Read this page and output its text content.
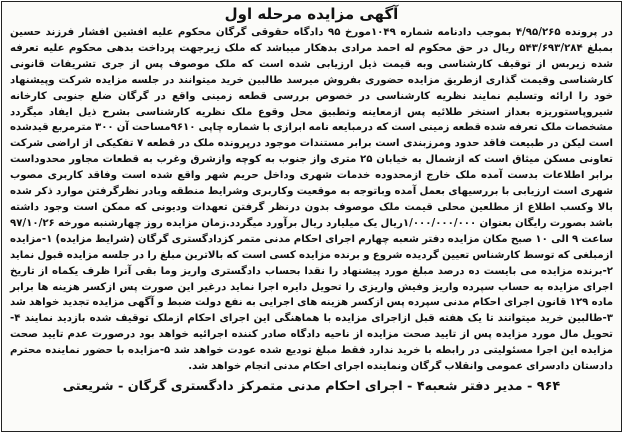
آگهی مزایده مرحله اول

در پرونده ۴/۹۵/۲۶۵ بموجب دادنامه شماره ۱۰۴۹مورخ ۹۵ دادگاه حقوقی گرگان محکوم علیه افشین افشار فرزند حسین بمبلغ ۵۴۳/۶۹۳/۲۸۴ ریال در حق محکوم له احمد مرادی بدهکار میباشد که ملک زیرجهت پرداخت بدهی محکوم علیه تعرفه شده زیربس از توقیف کارشناسی وبه قیمت ذیل ارزیابی شده است که ملک موصوف پس از جری تشریفات قانونی کارشناسی وقیمت گذاری ازطریق مزایده حضوری بفروش میرسد طالبین خرید میتوانند در جلسه مزایده شرکت وپیشنهاد خود را ارائه وتسلیم نمایند نظریه کارشناسی در خصوص بررسی قطعه زمینی واقع در گرگان ضلع جنوبی کارخانه شیروپاستوریزه بعداز استخر طلائیه پس ازمعاینه وتطبیق محل وقوع ملک نظریه کارشناسی بشرح ذیل ایفاد میگردد مشخصات ملک تعرفه شده قطعه زمینی است که درمبایعه نامه ابرازی با شماره چاپی ۹۶۱۰مساحت آن ۳۰۰ مترمربع قیدشده است لیکن در طبیعت فاقد حدود ومرزبندی است برابر مستندات موجود درپرونده ملک در قطعه ۷ تفکیکی از اراضی شرکت تعاونی مسکن میثاق است که ازشمال به خیابان ۲۵ متری واز جنوب به کوچه وازشرق وغرب به قطعات مجاور محدوداست برابر اطلاعات بدست آمده ملک خارج ازمحدوده خدمات شهری وداخل حریم شهر واقع شده است وفاقد کاربری مصوب شهری است ارزیابی با بررسیهای بعمل آمده وباتوجه به موقعیت وکاربری وشرایط منطقه وبادر نظرگرفتن موارد ذکر شده بالا وکسب اطلاع از مطلعین محلی قیمت ملک موصوف بدون درنظر گرفتن تعهدات ودیونی که ممکن است وجود داشته باشد بصورت رایگان بعنوان ۱/۰۰۰/۰۰۰/۰۰۰ریال یک میلیارد ریال برآورد میگردد.زمان مزایده روز چهارشنبه مورخه ۹۷/۱۰/۲۶ ساعت ۹ الی ۱۰ صبح مکان مزایده دفتر شعبه چهارم اجرای احکام مدنی متمر کزدادگستری گرگان (شرایط مزایده) ۱-مزایده ازمبلغی که توسط کارشناس تعیین گردیده شروع و برنده مزایده کسی است که بالاترین مبلغ را در جلسه مزایده قبول نماید ۲-برنده مزایده می بایست ده درصد مبلغ مورد پیشنهاد را نقدا بحساب دادگستری واریز وما بقی آنرا ظرف یکماه از تاریخ اجرای مزایده به حساب سپرده واریز وفیش واریزی را تحویل دایره اجرا نماید درغیر این صورت پس ازکسر هزینه ها برابر ماده ۱۲۹ قانون اجرای احکام مدنی سپرده پس ازکسر هزینه های اجرایی به نفع دولت ضبط و آگهی مزایده تجدید خواهد شد ۳-طالبین خرید میتوانند تا یک هفته قبل ازاجرای مزایده با هماهنگی این اجرای احکام ازملک توقیف شده بازدید نمایند ۴-تحویل مال مورد مزایده پس از تایید صحت مزایده از ناحیه دادگاه صادر کننده اجرائیه خواهد بود درصورت عدم تایید صحت مزایده این اجرا مسئولیتی در رابطه با خرید ندارد فقط مبلغ تودیع شده عودت خواهد شد ۵-مزایده با حضور نماینده محترم دادستان دادسرای عمومی وانقلاب گرگان ونماینده اجرای احکام مدنی انجام خواهد شد.

۹۶۴ - مدیر دفتر شعبه۴ - اجرای احکام مدنی متمرکز دادگستری گرگان - شریعتی
